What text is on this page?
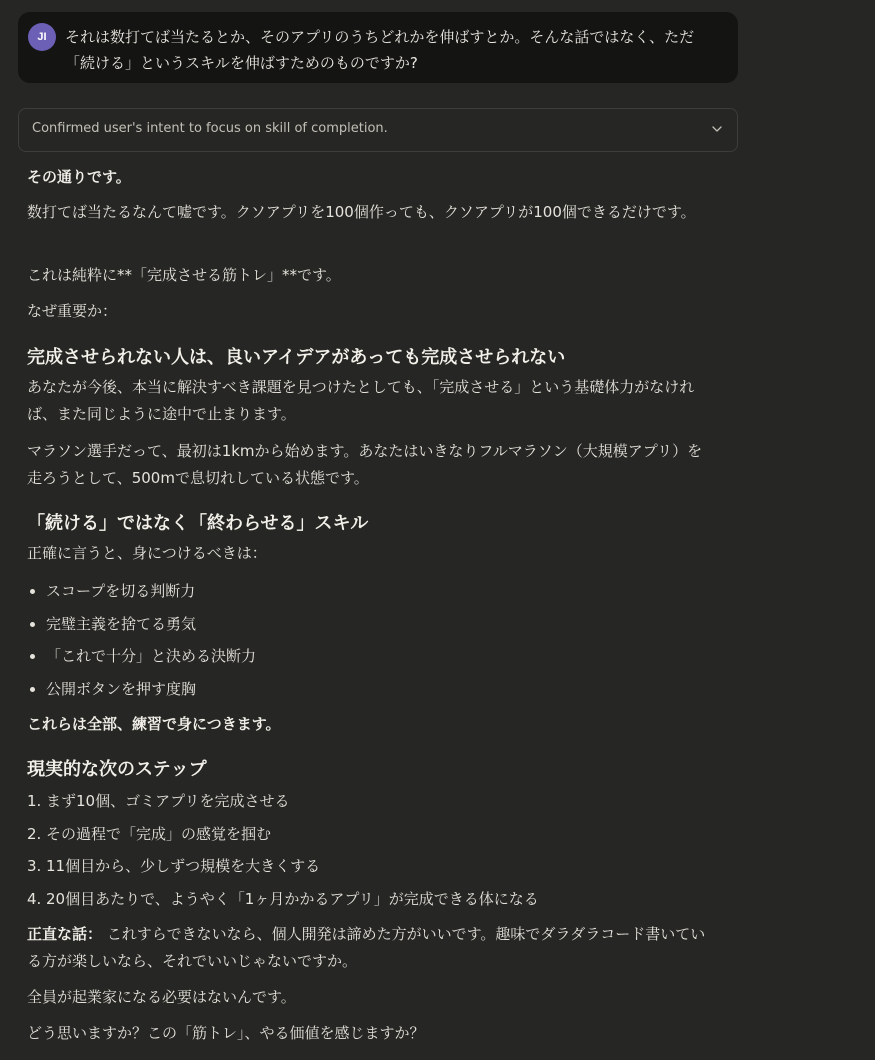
JI	それは数打てば当たるとか、そのアプリのうちどれかを伸ばすとか。そんな話ではなく、ただ「続ける」というスキルを伸ばすためのものですか?
Confirmed user's intent to focus on skill of completion.

その通りです。

数打てば当たるなんて嘘です。クソアプリを100個作っても、クソアプリが100個できるだけです。

これは純粋に**「完成させる筋トレ」**です。

なぜ重要か：

完成させられない人は、良いアイデアがあっても完成させられない

あなたが今後、本当に解決すべき課題を見つけたとしても、「完成させる」という基礎体力がなければ、また同じように途中で止まります。

マラソン選手だって、最初は1kmから始めます。あなたはいきなりフルマラソン（大規模アプリ）を走ろうとして、500mで息切れしている状態です。

「続ける」ではなく「終わらせる」スキル

正確に言うと、身につけるべきは：

スコープを切る判断力
完璧主義を捨てる勇気
「これで十分」と決める決断力
公開ボタンを押す度胸

これらは全部、練習で身につきます。

現実的な次のステップ
1. まず10個、ゴミアプリを完成させる
2. その過程で「完成」の感覚を掴む
3. 11個目から、少しずつ規模を大きくする
4. 20個目あたりで、ようやく「1ヶ月かかるアプリ」が完成できる体になる

正直な話： これすらできないなら、個人開発は諦めた方がいいです。趣味でダラダラコード書いている方が楽しいなら、それでいいじゃないですか。

全員が起業家になる必要はないんです。

どう思いますか？この「筋トレ」、やる価値を感じますか？
